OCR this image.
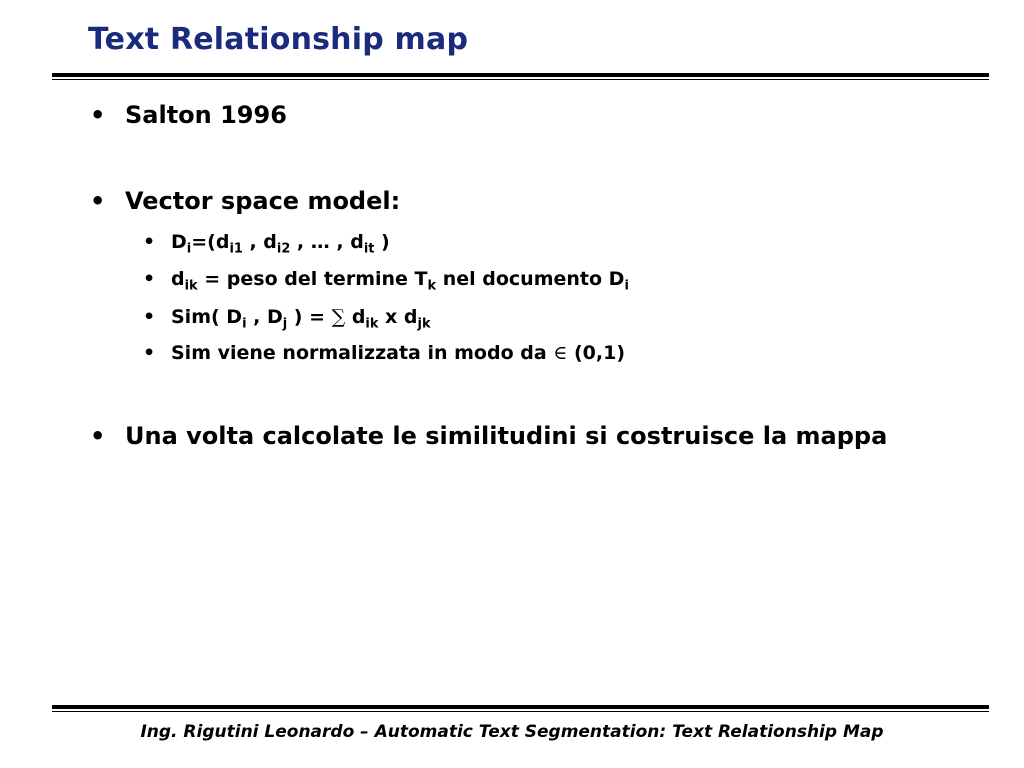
Text Relationship map
• Salton 1996
• Vector space model:
• $D_i=(d_{i1}$ , $d_{i2}$ , … , $d_{it}$ )
• $d_{ik}$ = peso del termine $T_k$ nel documento $D_i$
• Sim( $D_i$ , $D_j$ ) = ∑ $d_{ik}$ x $d_{jk}$
• Sim viene normalizzata in modo da ∈ (0,1)
• Una volta calcolate le similitudini si costruisce la mappa
Ing. Rigutini Leonardo – Automatic Text Segmentation: Text Relationship Map
